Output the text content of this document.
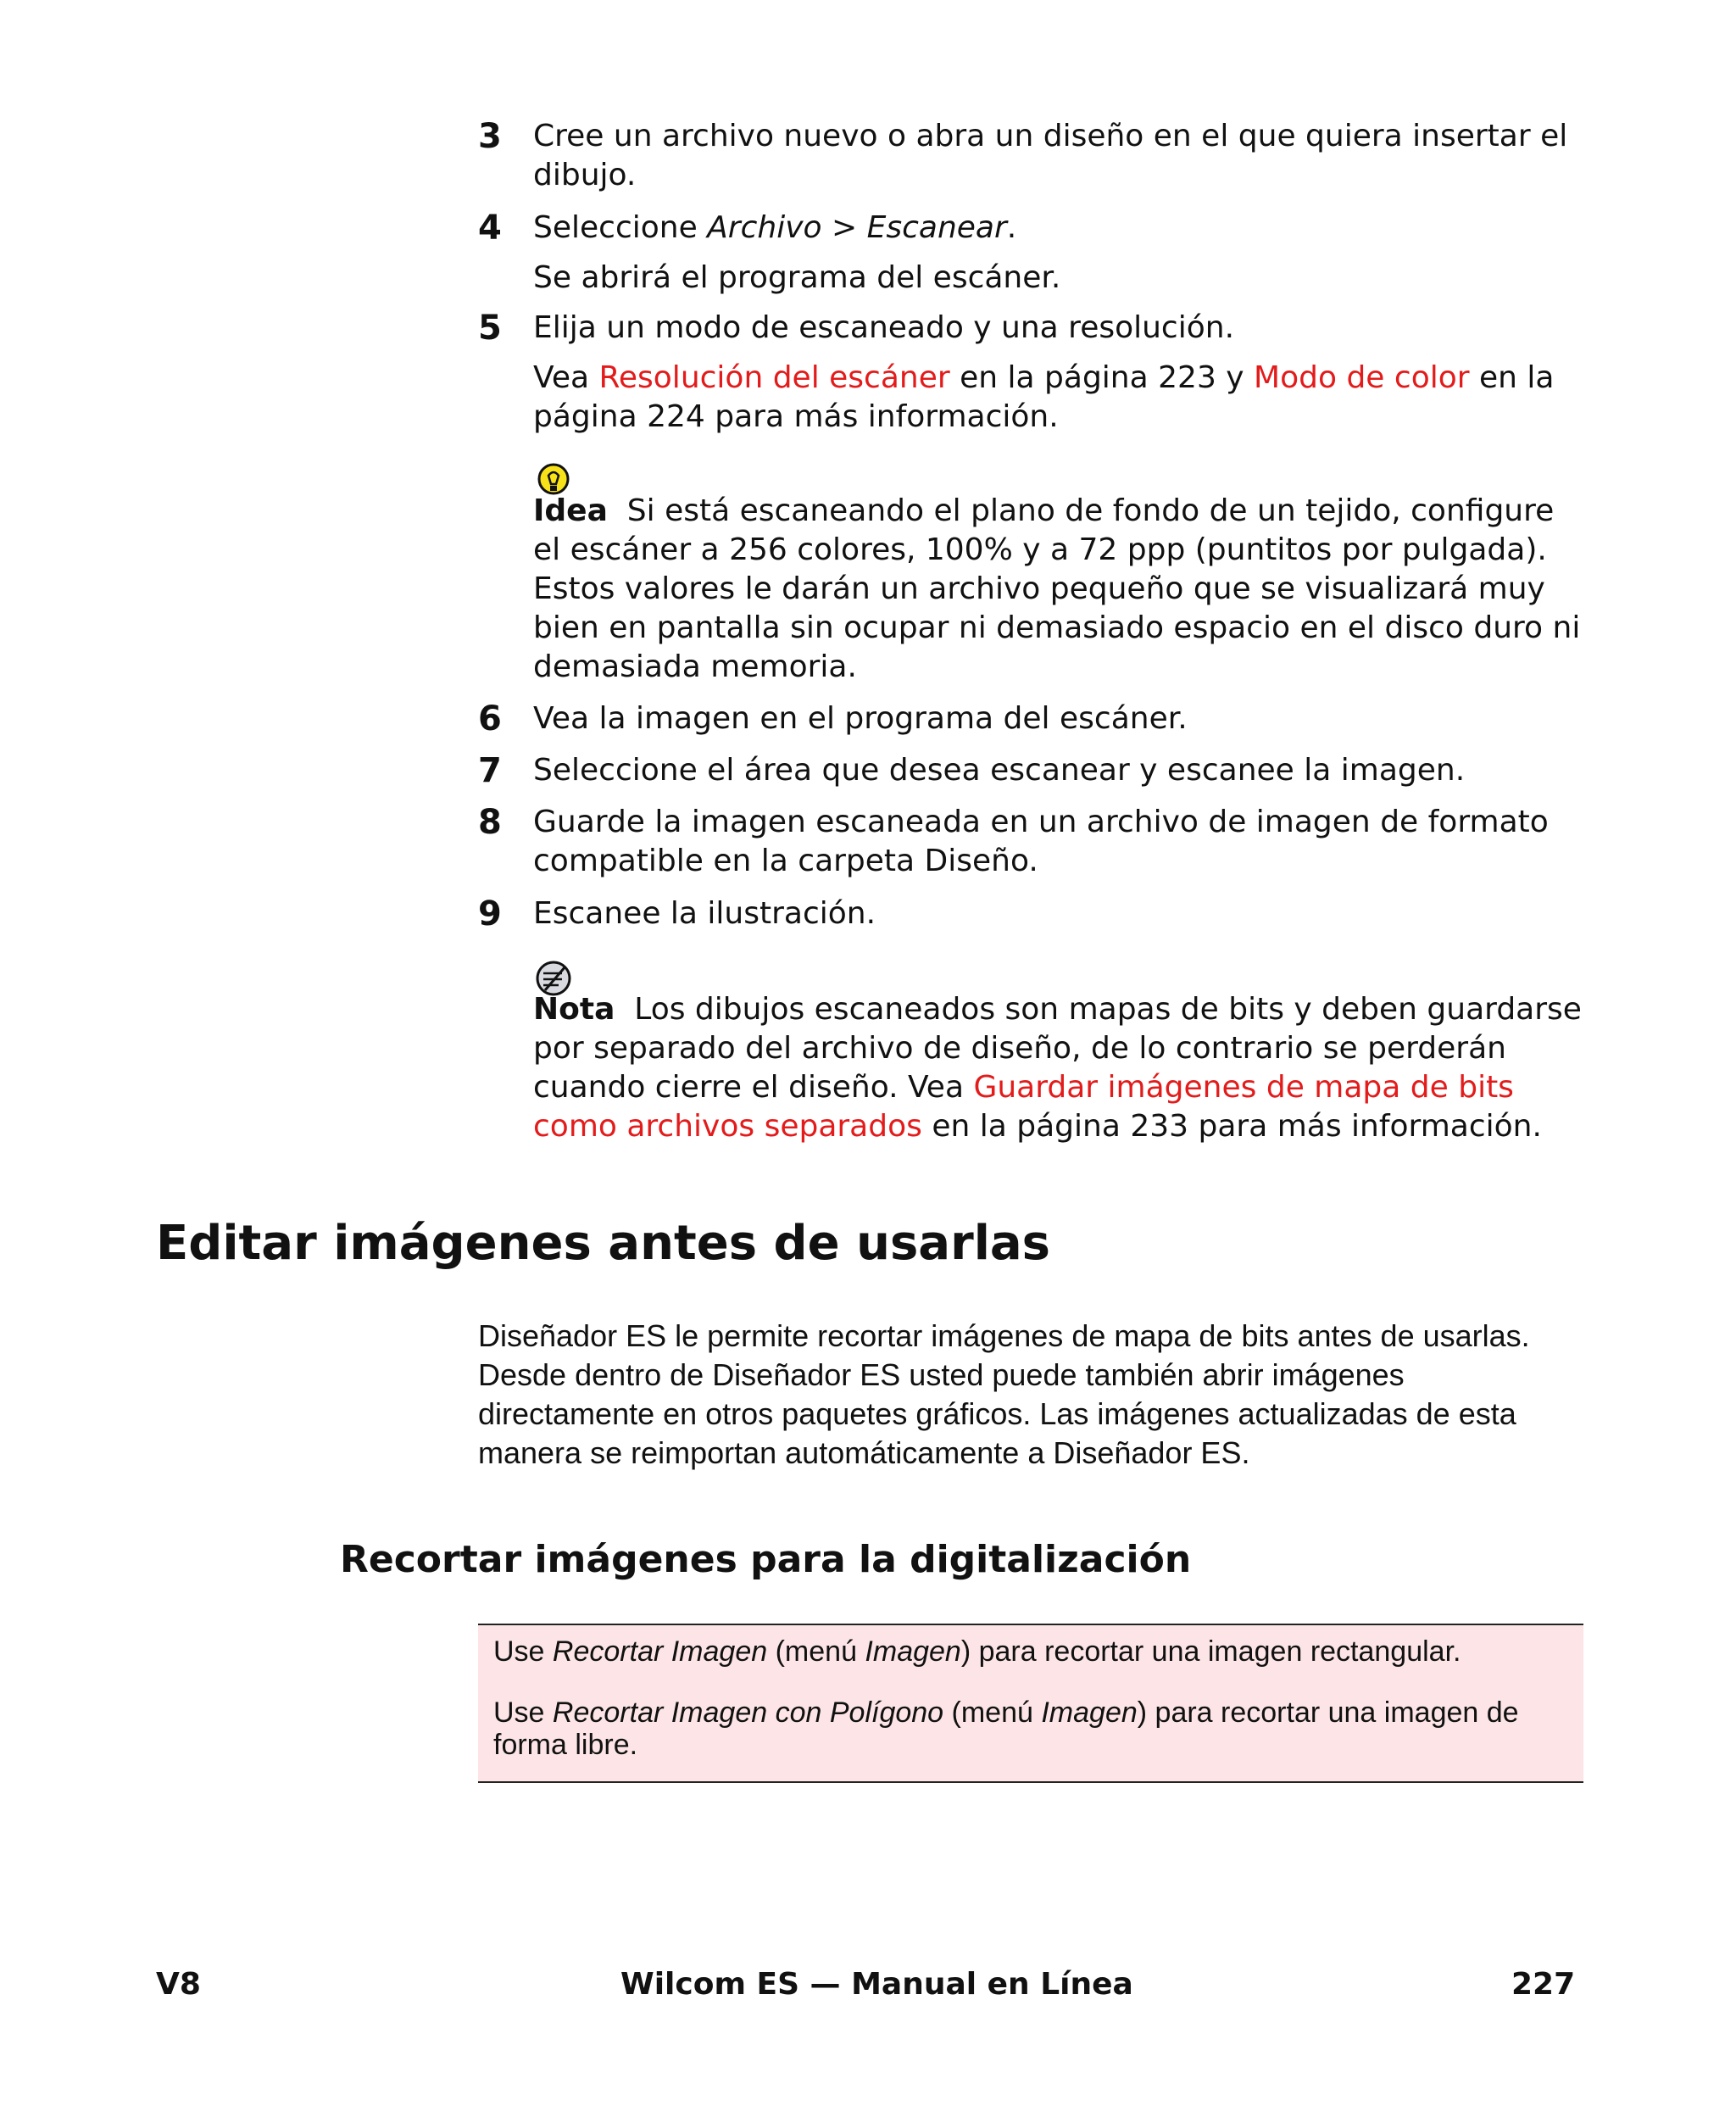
3 Cree un archivo nuevo o abra un diseño en el que quiera insertar el dibujo.
4 Seleccione Archivo > Escanear.
Se abrirá el programa del escáner.
5 Elija un modo de escaneado y una resolución.
Vea Resolución del escáner en la página 223 y Modo de color en la página 224 para más información.
Idea Si está escaneando el plano de fondo de un tejido, configure el escáner a 256 colores, 100% y a 72 ppp (puntitos por pulgada). Estos valores le darán un archivo pequeño que se visualizará muy bien en pantalla sin ocupar ni demasiado espacio en el disco duro ni demasiada memoria.
6 Vea la imagen en el programa del escáner.
7 Seleccione el área que desea escanear y escanee la imagen.
8 Guarde la imagen escaneada en un archivo de imagen de formato compatible en la carpeta Diseño.
9 Escanee la ilustración.
Nota Los dibujos escaneados son mapas de bits y deben guardarse por separado del archivo de diseño, de lo contrario se perderán cuando cierre el diseño. Vea Guardar imágenes de mapa de bits como archivos separados en la página 233 para más información.
Editar imágenes antes de usarlas
Diseñador ES le permite recortar imágenes de mapa de bits antes de usarlas. Desde dentro de Diseñador ES usted puede también abrir imágenes directamente en otros paquetes gráficos. Las imágenes actualizadas de esta manera se reimportan automáticamente a Diseñador ES.
Recortar imágenes para la digitalización
Use Recortar Imagen (menú Imagen) para recortar una imagen rectangular.
Use Recortar Imagen con Polígono (menú Imagen) para recortar una imagen de forma libre.
V8	Wilcom ES — Manual en Línea	227
